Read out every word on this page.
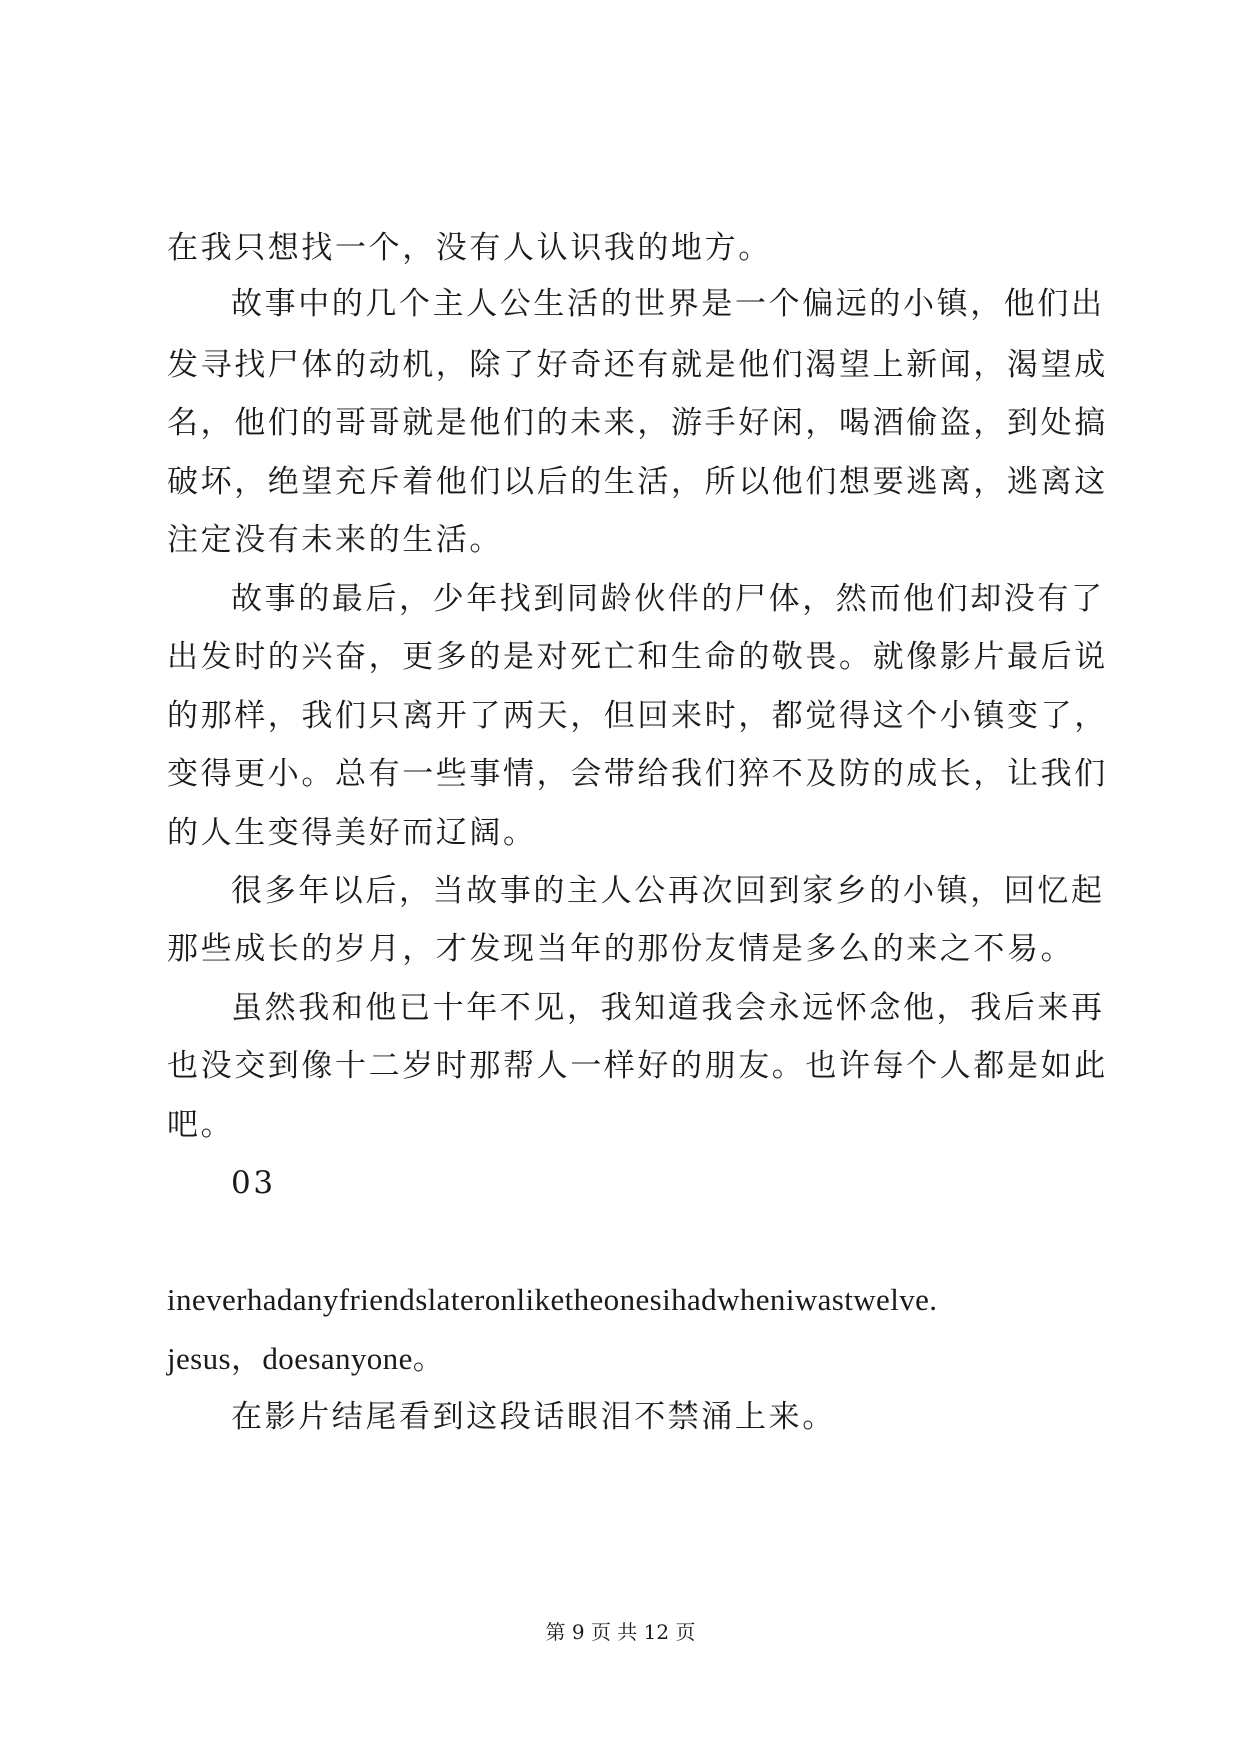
在我只想找一个，没有人认识我的地方。
故事中的几个主人公生活的世界是一个偏远的小镇，他们出
发寻找尸体的动机，除了好奇还有就是他们渴望上新闻，渴望成
名，他们的哥哥就是他们的未来，游手好闲，喝酒偷盗，到处搞
破坏，绝望充斥着他们以后的生活，所以他们想要逃离，逃离这
注定没有未来的生活。
故事的最后，少年找到同龄伙伴的尸体，然而他们却没有了
出发时的兴奋，更多的是对死亡和生命的敬畏。就像影片最后说
的那样，我们只离开了两天，但回来时，都觉得这个小镇变了，
变得更小。总有一些事情，会带给我们猝不及防的成长，让我们
的人生变得美好而辽阔。
很多年以后，当故事的主人公再次回到家乡的小镇，回忆起
那些成长的岁月，才发现当年的那份友情是多么的来之不易。
虽然我和他已十年不见，我知道我会永远怀念他，我后来再
也没交到像十二岁时那帮人一样好的朋友。也许每个人都是如此
吧。
03
ineverhadanyfriendslateronliketheonesihadwheniwastwelve.
jesus，doesanyone。
在影片结尾看到这段话眼泪不禁涌上来。
第 9 页 共 12 页
